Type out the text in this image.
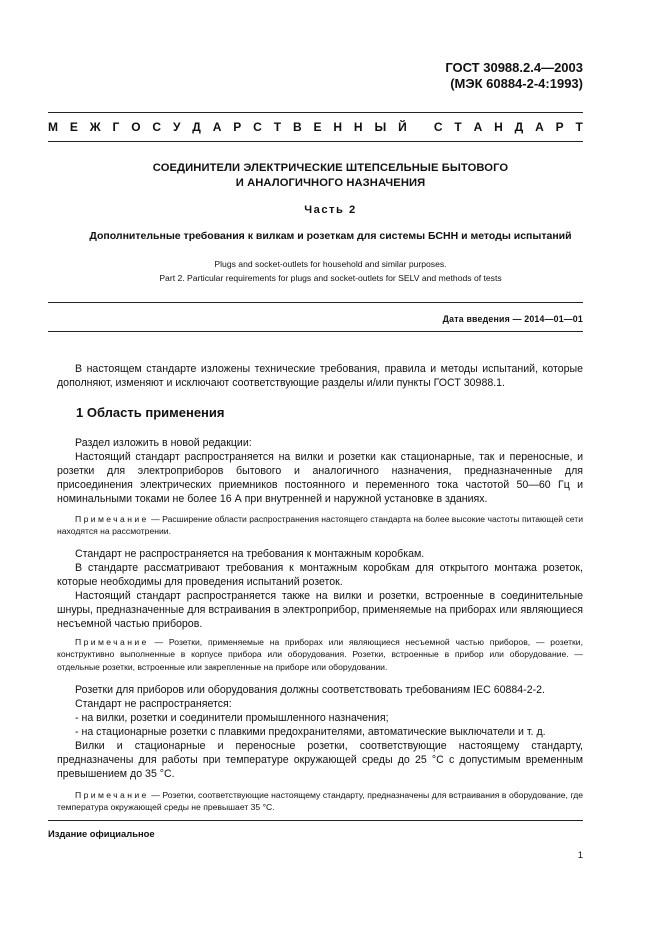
ГОСТ 30988.2.4—2003
(МЭК 60884-2-4:1993)
М Е Ж Г О С У Д А Р С Т В Е Н Н Ы Й
С Т А Н Д А Р Т
СОЕДИНИТЕЛИ ЭЛЕКТРИЧЕСКИЕ ШТЕПСЕЛЬНЫЕ БЫТОВОГО
И АНАЛОГИЧНОГО НАЗНАЧЕНИЯ
Часть 2
Дополнительные требования к вилкам и розеткам для системы БСНН и методы испытаний
Plugs and socket-outlets for household and similar purposes.
Part 2. Particular requirements for plugs and socket-outlets for SELV and methods of tests
Дата введения — 2014—01—01

В настоящем стандарте изложены технические требования, правила и методы испытаний, которые дополняют, изменяют и исключают соответствующие разделы и/или пункты ГОСТ 30988.1.

1 Область применения

Раздел изложить в новой редакции:

Настоящий стандарт распространяется на вилки и розетки как стационарные, так и переносные, и розетки для электроприборов бытового и аналогичного назначения, предназначенные для присоединения электрических приемников постоянного и переменного тока частотой 50—60 Гц и номинальными токами не более 16 А при внутренней и наружной установке в зданиях.

Примечание — Расширение области распространения настоящего стандарта на более высокие частоты питающей сети находятся на рассмотрении.

Стандарт не распространяется на требования к монтажным коробкам.

В стандарте рассматривают требования к монтажным коробкам для открытого монтажа розеток, которые необходимы для проведения испытаний розеток.

Настоящий стандарт распространяется также на вилки и розетки, встроенные в соединительные шнуры, предназначенные для встраивания в электроприбор, применяемые на приборах или являющиеся несъемной частью приборов.

Примечание — Розетки, применяемые на приборах или являющиеся несъемной частью приборов, — розетки, конструктивно выполненные в корпусе прибора или оборудования. Розетки, встроенные в прибор или оборудование. — отдельные розетки, встроенные или закрепленные на приборе или оборудовании.

Розетки для приборов или оборудования должны соответствовать требованиям IEC 60884-2-2.

Стандарт не распространяется:

- на вилки, розетки и соединители промышленного назначения;

- на стационарные розетки с плавкими предохранителями, автоматические выключатели и т. д.

Вилки и стационарные и переносные розетки, соответствующие настоящему стандарту, предназначены для работы при температуре окружающей среды до 25 °С с допустимым временным превышением до 35 °С.

Примечание — Розетки, соответствующие настоящему стандарту, предназначены для встраивания в оборудование, где температура окружающей среды не превышает 35 °С.

Издание официальное
1
